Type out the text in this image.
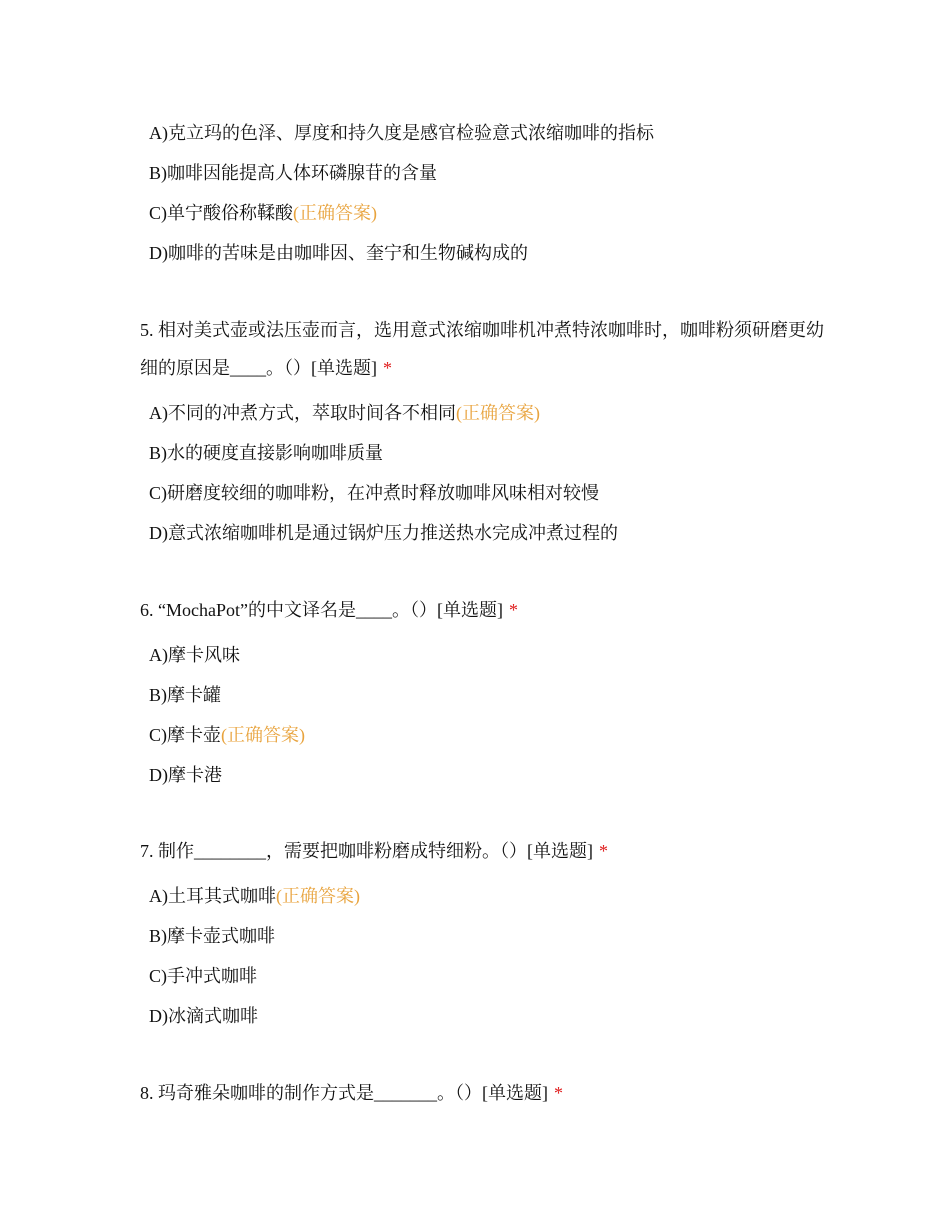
A)克立玛的色泽、厚度和持久度是感官检验意式浓缩咖啡的指标
B)咖啡因能提高人体环磷腺苷的含量
C)单宁酸俗称鞣酸(正确答案)
D)咖啡的苦味是由咖啡因、奎宁和生物碱构成的
5. 相对美式壶或法压壶而言，选用意式浓缩咖啡机冲煮特浓咖啡时，咖啡粉须研磨更幼细的原因是____。（）[单选题] *
A)不同的冲煮方式，萃取时间各不相同(正确答案)
B)水的硬度直接影响咖啡质量
C)研磨度较细的咖啡粉，在冲煮时释放咖啡风味相对较慢
D)意式浓缩咖啡机是通过锅炉压力推送热水完成冲煮过程的
6. “MochaPot”的中文译名是____。（）[单选题] *
A)摩卡风味
B)摩卡罐
C)摩卡壶(正确答案)
D)摩卡港
7. 制作________，需要把咖啡粉磨成特细粉。（）[单选题] *
A)土耳其式咖啡(正确答案)
B)摩卡壶式咖啡
C)手冲式咖啡
D)冰滴式咖啡
8. 玛奇雅朵咖啡的制作方式是_______。（）[单选题] *
